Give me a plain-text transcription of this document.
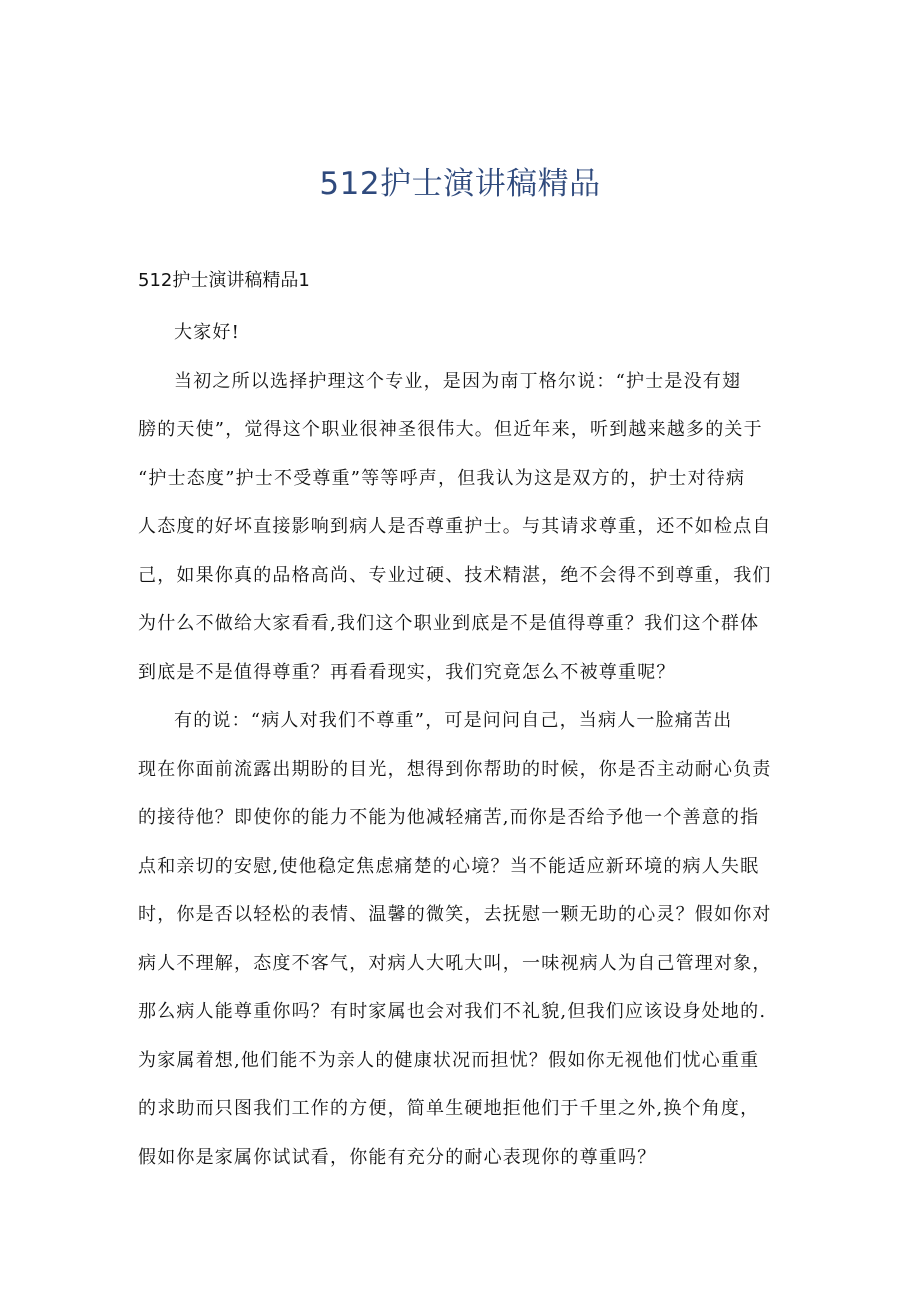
512护士演讲稿精品
512护士演讲稿精品1

大家好!

当初之所以选择护理这个专业，是因为南丁格尔说：“护士是没有翅
膀的天使”，觉得这个职业很神圣很伟大。但近年来，听到越来越多的关于
“护士态度”护士不受尊重”等等呼声，但我认为这是双方的，护士对待病
人态度的好坏直接影响到病人是否尊重护士。与其请求尊重，还不如检点自
己，如果你真的品格高尚、专业过硬、技术精湛，绝不会得不到尊重，我们
为什么不做给大家看看,我们这个职业到底是不是值得尊重？我们这个群体
到底是不是值得尊重？再看看现实，我们究竟怎么不被尊重呢？

有的说：“病人对我们不尊重”，可是问问自己，当病人一脸痛苦出
现在你面前流露出期盼的目光，想得到你帮助的时候，你是否主动耐心负责
的接待他？即使你的能力不能为他减轻痛苦,而你是否给予他一个善意的指
点和亲切的安慰,使他稳定焦虑痛楚的心境？当不能适应新环境的病人失眠
时，你是否以轻松的表情、温馨的微笑，去抚慰一颗无助的心灵？假如你对
病人不理解，态度不客气，对病人大吼大叫，一味视病人为自己管理对象，
那么病人能尊重你吗？有时家属也会对我们不礼貌,但我们应该设身处地的.
为家属着想,他们能不为亲人的健康状况而担忧？假如你无视他们忧心重重
的求助而只图我们工作的方便，简单生硬地拒他们于千里之外,换个角度，
假如你是家属你试试看，你能有充分的耐心表现你的尊重吗？
